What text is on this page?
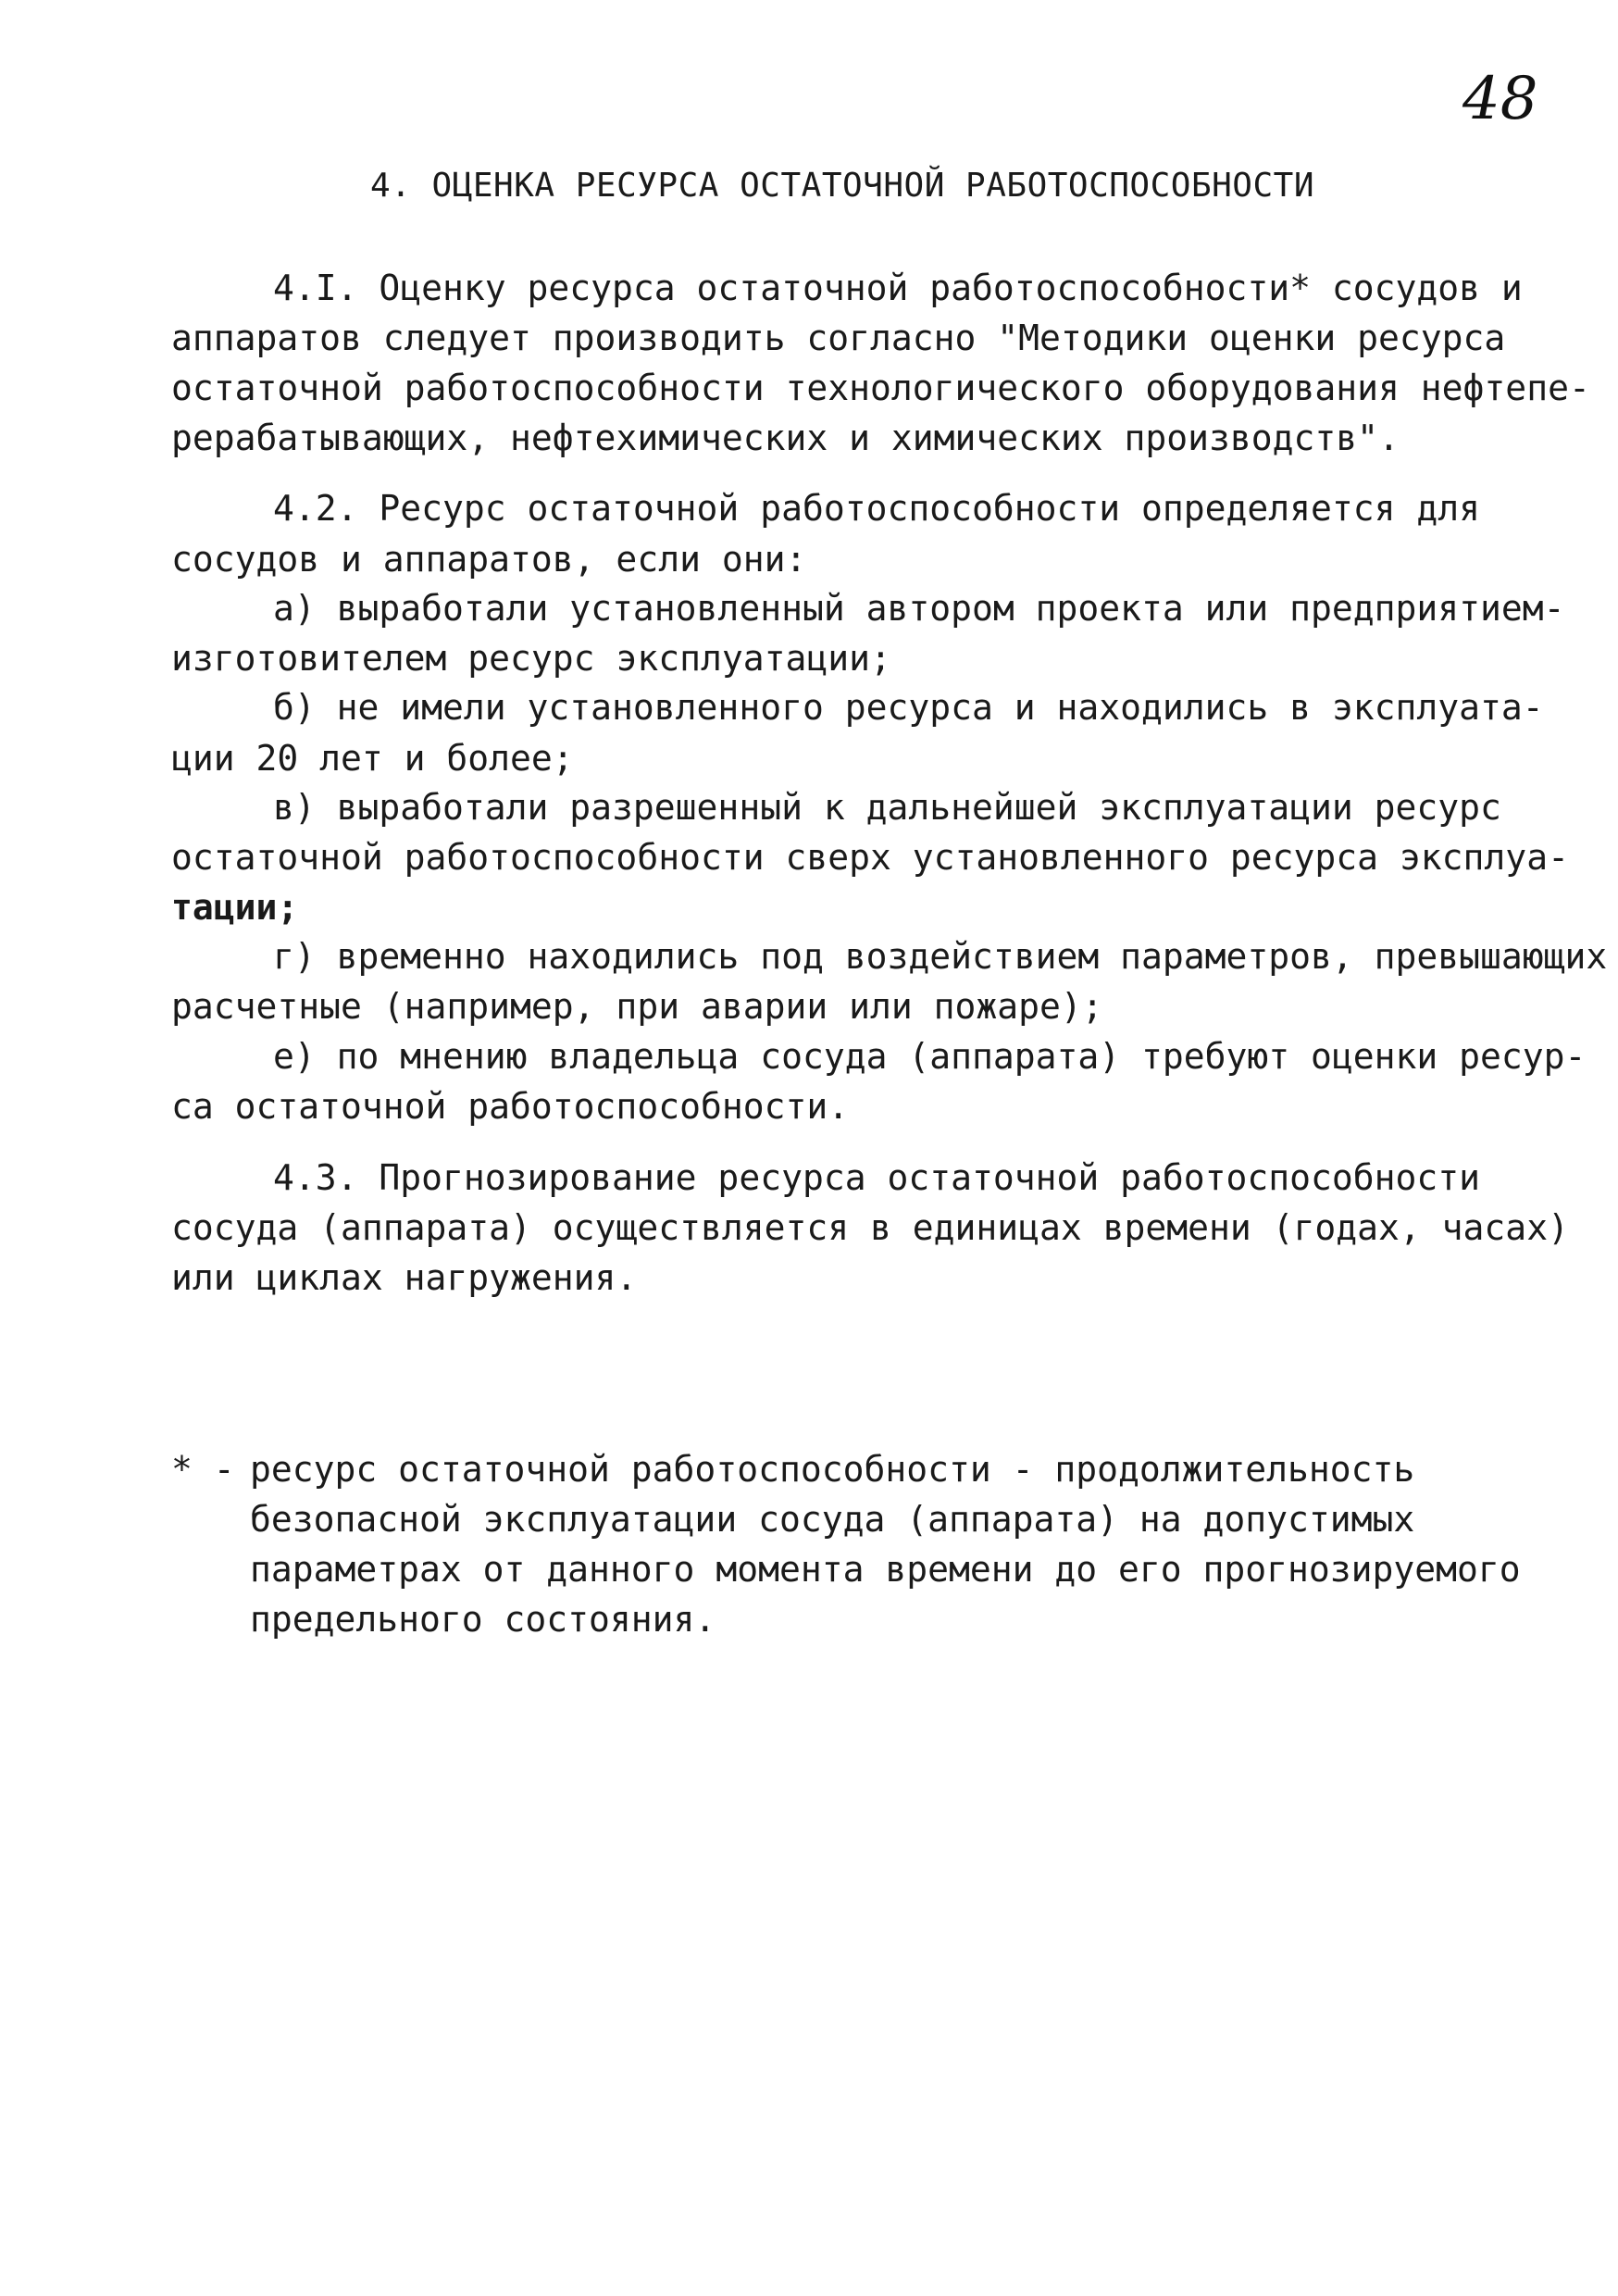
48
4. ОЦЕНКА РЕСУРСА ОСТАТОЧНОЙ РАБОТОСПОСОБНОСТИ
4.I. Оценку ресурса остаточной работоспособности* сосудов и
аппаратов следует производить согласно "Методики оценки ресурса
остаточной работоспособности технологического оборудования нефтепе-
рерабатывающих, нефтехимических и химических производств".
4.2. Ресурс остаточной работоспособности определяется для
сосудов и аппаратов, если они:
а) выработали установленный автором проекта или предприятием-
изготовителем ресурс эксплуатации;
б) не имели установленного ресурса и находились в эксплуата-
ции 20 лет и более;
в) выработали разрешенный к дальнейшей эксплуатации ресурс
остаточной работоспособности сверх установленного ресурса эксплуа-
тации;
г) временно находились под воздействием параметров, превышающих
расчетные (например, при аварии или пожаре);
е) по мнению владельца сосуда (аппарата) требуют оценки ресур-
са остаточной работоспособности.
4.3. Прогнозирование ресурса остаточной работоспособности
сосуда (аппарата) осуществляется в единицах времени (годах, часах)
или циклах нагружения.
* - ресурс остаточной работоспособности - продолжительность
безопасной эксплуатации сосуда (аппарата) на допустимых
параметрах от данного момента времени до его прогнозируемого
предельного состояния.
